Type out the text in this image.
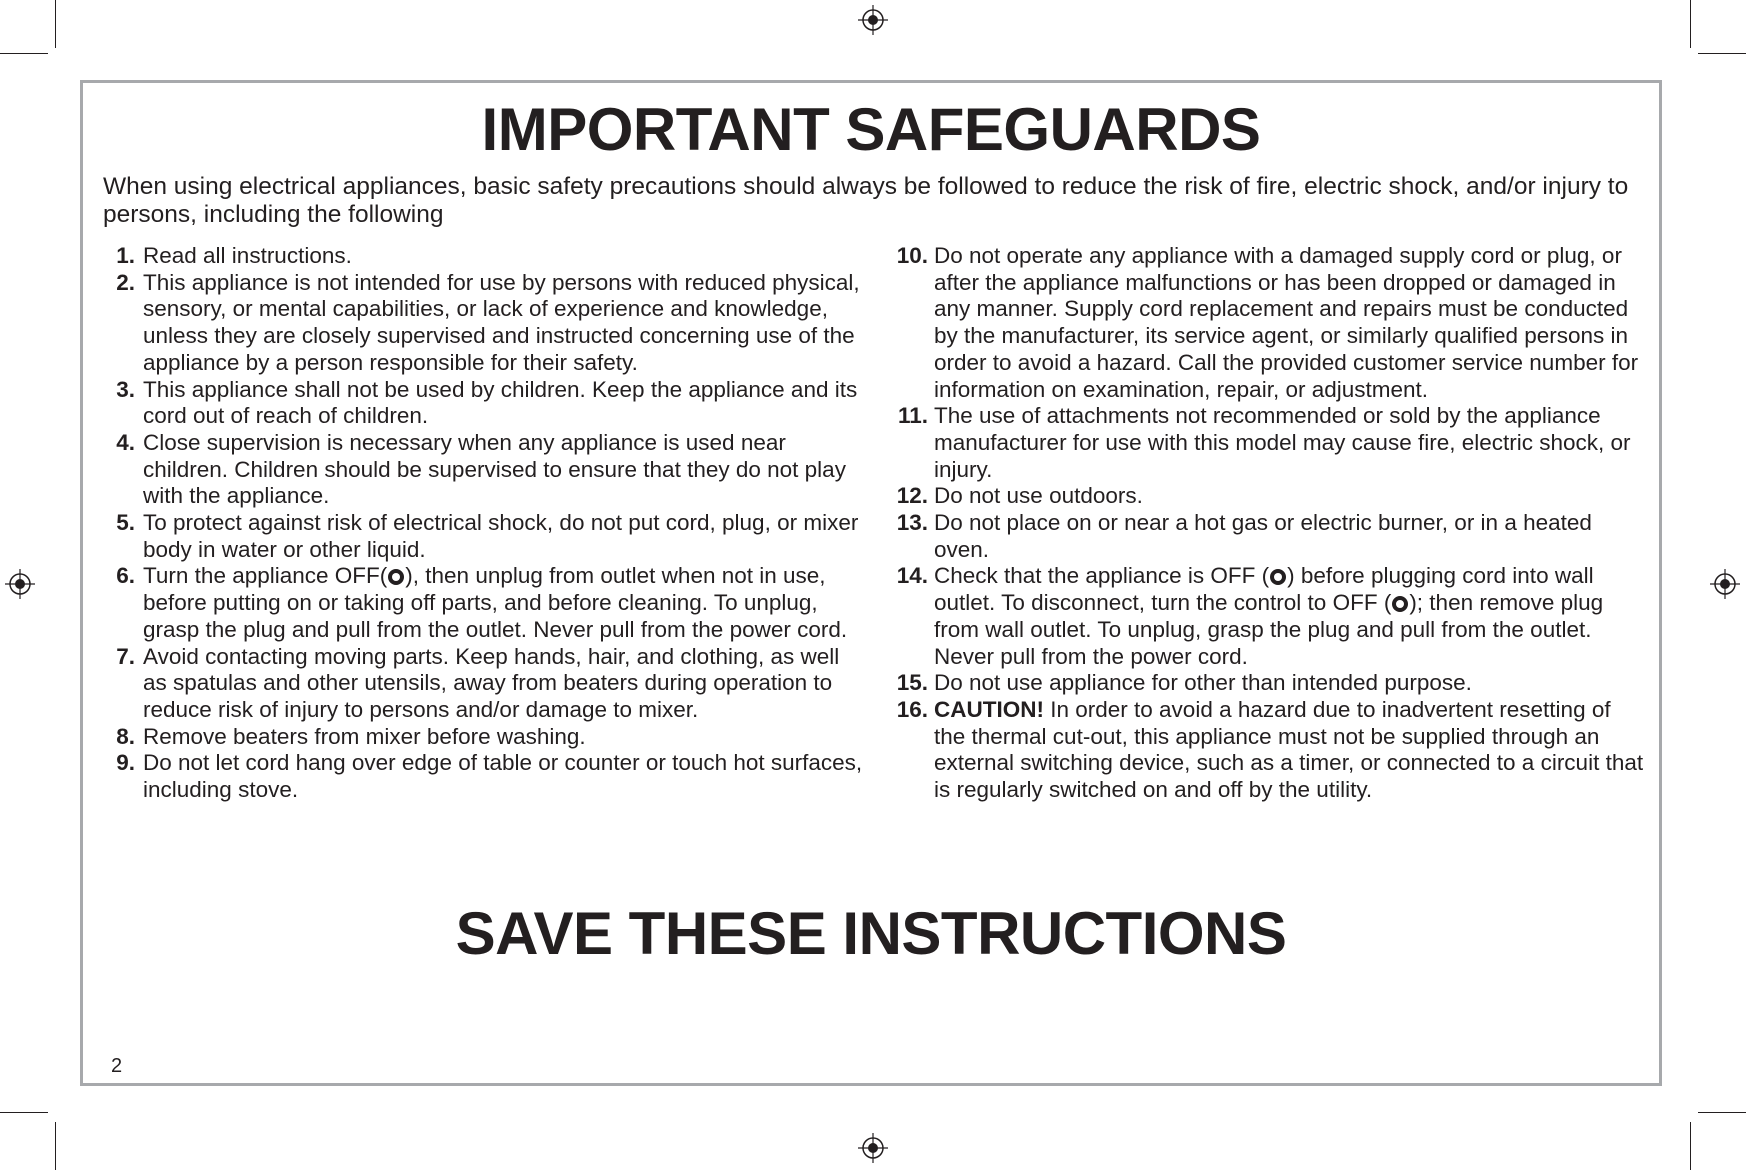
IMPORTANT SAFEGUARDS

When using electrical appliances, basic safety precautions should always be followed to reduce the risk of fire, electric shock, and/or injury to persons, including the following

1. Read all instructions.
2. This appliance is not intended for use by persons with reduced physical, sensory, or mental capabilities, or lack of experience and knowledge, unless they are closely supervised and instructed concerning use of the appliance by a person responsible for their safety.
3. This appliance shall not be used by children. Keep the appliance and its cord out of reach of children.
4. Close supervision is necessary when any appliance is used near children. Children should be supervised to ensure that they do not play with the appliance.
5. To protect against risk of electrical shock, do not put cord, plug, or mixer body in water or other liquid.
6. Turn the appliance OFF( ), then unplug from outlet when not in use, before putting on or taking off parts, and before cleaning. To unplug, grasp the plug and pull from the outlet. Never pull from the power cord.
7. Avoid contacting moving parts. Keep hands, hair, and clothing, as well as spatulas and other utensils, away from beaters during operation to reduce risk of injury to persons and/or damage to mixer.
8. Remove beaters from mixer before washing.
9. Do not let cord hang over edge of table or counter or touch hot surfaces, including stove.
10. Do not operate any appliance with a damaged supply cord or plug, or after the appliance malfunctions or has been dropped or damaged in any manner. Supply cord replacement and repairs must be conducted by the manufacturer, its service agent, or similarly qualified persons in order to avoid a hazard. Call the provided customer service number for information on examination, repair, or adjustment.
11. The use of attachments not recommended or sold by the appliance manufacturer for use with this model may cause fire, electric shock, or injury.
12. Do not use outdoors.
13. Do not place on or near a hot gas or electric burner, or in a heated oven.
14. Check that the appliance is OFF ( ) before plugging cord into wall outlet. To disconnect, turn the control to OFF ( ); then remove plug from wall outlet. To unplug, grasp the plug and pull from the outlet. Never pull from the power cord.
15. Do not use appliance for other than intended purpose.
16. CAUTION! In order to avoid a hazard due to inadvertent resetting of the thermal cut-out, this appliance must not be supplied through an external switching device, such as a timer, or connected to a circuit that is regularly switched on and off by the utility.
SAVE THESE INSTRUCTIONS
2
